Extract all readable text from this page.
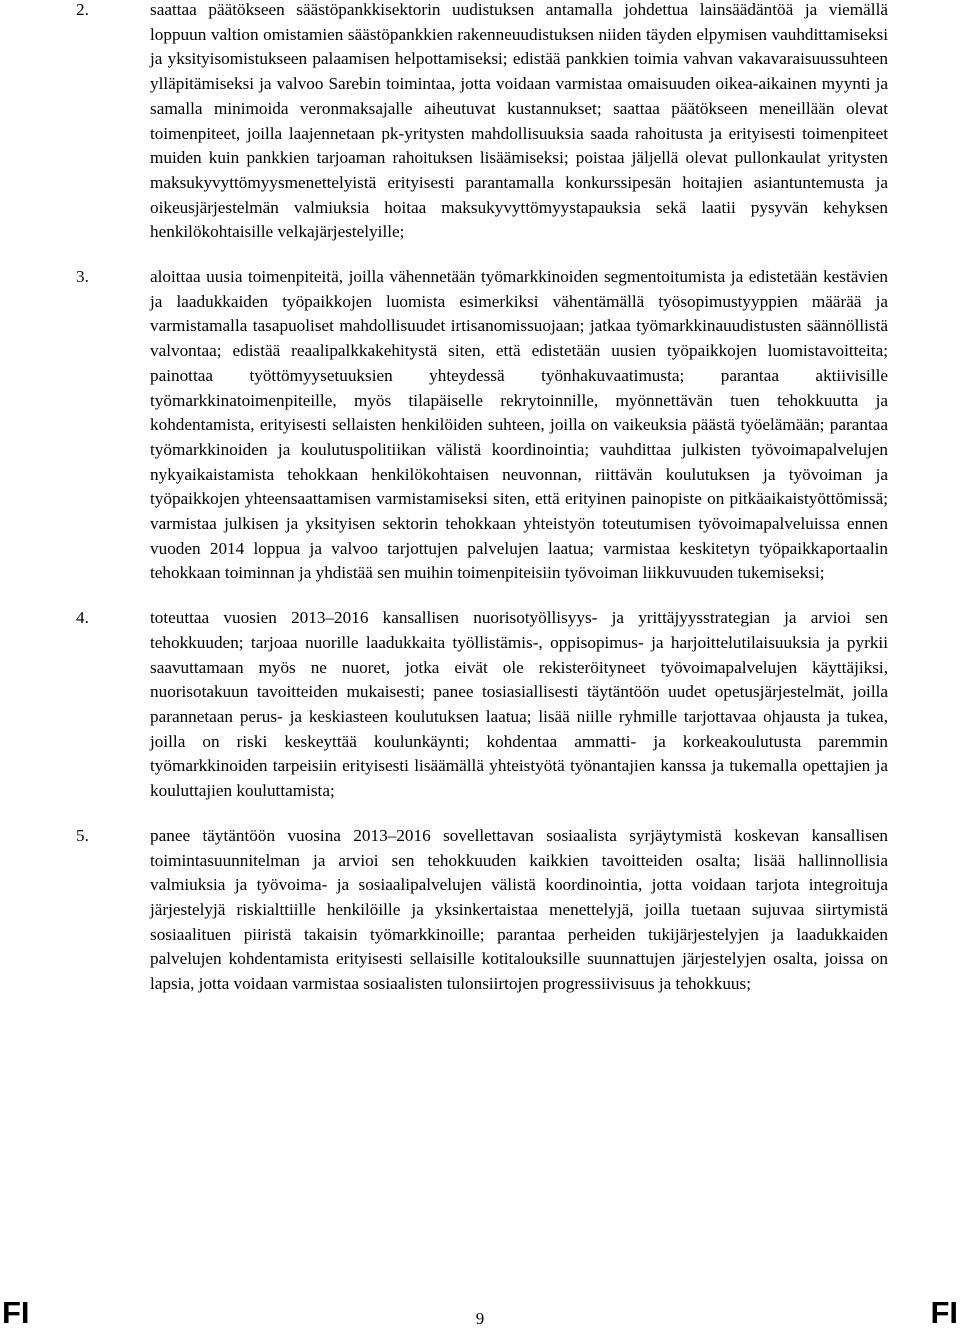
2.	saattaa päätökseen säästöpankkisektorin uudistuksen antamalla johdettua lainsäädäntöä ja viemällä loppuun valtion omistamien säästöpankkien rakenneuudistuksen niiden täyden elpymisen vauhdittamiseksi ja yksityisomistukseen palaamisen helpottamiseksi; edistää pankkien toimia vahvan vakavaraisuussuhteen ylläpitämiseksi ja valvoo Sarebin toimintaa, jotta voidaan varmistaa omaisuuden oikea-aikainen myynti ja samalla minimoida veronmaksajalle aiheutuvat kustannukset; saattaa päätökseen meneillään olevat toimenpiteet, joilla laajennetaan pk-yritysten mahdollisuuksia saada rahoitusta ja erityisesti toimenpiteet muiden kuin pankkien tarjoaman rahoituksen lisäämiseksi; poistaa jäljellä olevat pullonkaulat yritysten maksukyvyttömyysmenettelyistä erityisesti parantamalla konkurssipesän hoitajien asiantuntemusta ja oikeusjärjestelmän valmiuksia hoitaa maksukyvyttömyystapauksia sekä laatii pysyvän kehyksen henkilökohtaisille velkajärjestelyille;
3.	aloittaa uusia toimenpiteitä, joilla vähennetään työmarkkinoiden segmentoitumista ja edistetään kestävien ja laadukkaiden työpaikkojen luomista esimerkiksi vähentämällä työsopimustyyppien määrää ja varmistamalla tasapuoliset mahdollisuudet irtisanomissuojaan; jatkaa työmarkkinauudistusten säännöllistä valvontaa; edistää reaalipalkkakehitystä siten, että edistetään uusien työpaikkojen luomistavoitteita; painottaa työttömyysetuuksien yhteydessä työnhakuvaatimusta; parantaa aktiivisille työmarkkinatoimenpiteille, myös tilapäiselle rekrytoinnille, myönnettävän tuen tehokkuutta ja kohdentamista, erityisesti sellaisten henkilöiden suhteen, joilla on vaikeuksia päästä työelämään; parantaa työmarkkinoiden ja koulutuspolitiikan välistä koordinointia; vauhdittaa julkisten työvoimapalvelujen nykyaikaistamista tehokkaan henkilökohtaisen neuvonnan, riittävän koulutuksen ja työvoiman ja työpaikkojen yhteensaattamisen varmistamiseksi siten, että erityinen painopiste on pitkäaikaistyöttömissä; varmistaa julkisen ja yksityisen sektorin tehokkaan yhteistyön toteutumisen työvoimapalveluissa ennen vuoden 2014 loppua ja valvoo tarjottujen palvelujen laatua; varmistaa keskitetyn työpaikkaportaalin tehokkaan toiminnan ja yhdistää sen muihin toimenpiteisiin työvoiman liikkuvuuden tukemiseksi;
4.	toteuttaa vuosien 2013–2016 kansallisen nuorisotyöllisyys- ja yrittäjyysstrategian ja arvioi sen tehokkuuden; tarjoaa nuorille laadukkaita työllistämis-, oppisopimus- ja harjoittelutilaisuuksia ja pyrkii saavuttamaan myös ne nuoret, jotka eivät ole rekisteröityneet työvoimapalvelujen käyttäjiksi, nuorisotakuun tavoitteiden mukaisesti; panee tosiasiallisesti täytäntöön uudet opetusjärjestelmät, joilla parannetaan perus- ja keskiasteen koulutuksen laatua; lisää niille ryhmille tarjottavaa ohjausta ja tukea, joilla on riski keskeyttää koulunkäynti; kohdentaa ammatti- ja korkeakoulutusta paremmin työmarkkinoiden tarpeisiin erityisesti lisäämällä yhteistyötä työnantajien kanssa ja tukemalla opettajien ja kouluttajien kouluttamista;
5.	panee täytäntöön vuosina 2013–2016 sovellettavan sosiaalista syrjäytymistä koskevan kansallisen toimintasuunnitelman ja arvioi sen tehokkuuden kaikkien tavoitteiden osalta; lisää hallinnollisia valmiuksia ja työvoima- ja sosiaalipalvelujen välistä koordinointia, jotta voidaan tarjota integroituja järjestelyjä riskialttiille henkilöille ja yksinkertaistaa menettelyjä, joilla tuetaan sujuvaa siirtymistä sosiaalituen piiristä takaisin työmarkkinoille; parantaa perheiden tukijärjestelyjen ja laadukkaiden palvelujen kohdentamista erityisesti sellaisille kotitalouksille suunnattujen järjestelyjen osalta, joissa on lapsia, jotta voidaan varmistaa sosiaalisten tulonsiirtojen progressiivisuus ja tehokkuus;
FI	9	FI
